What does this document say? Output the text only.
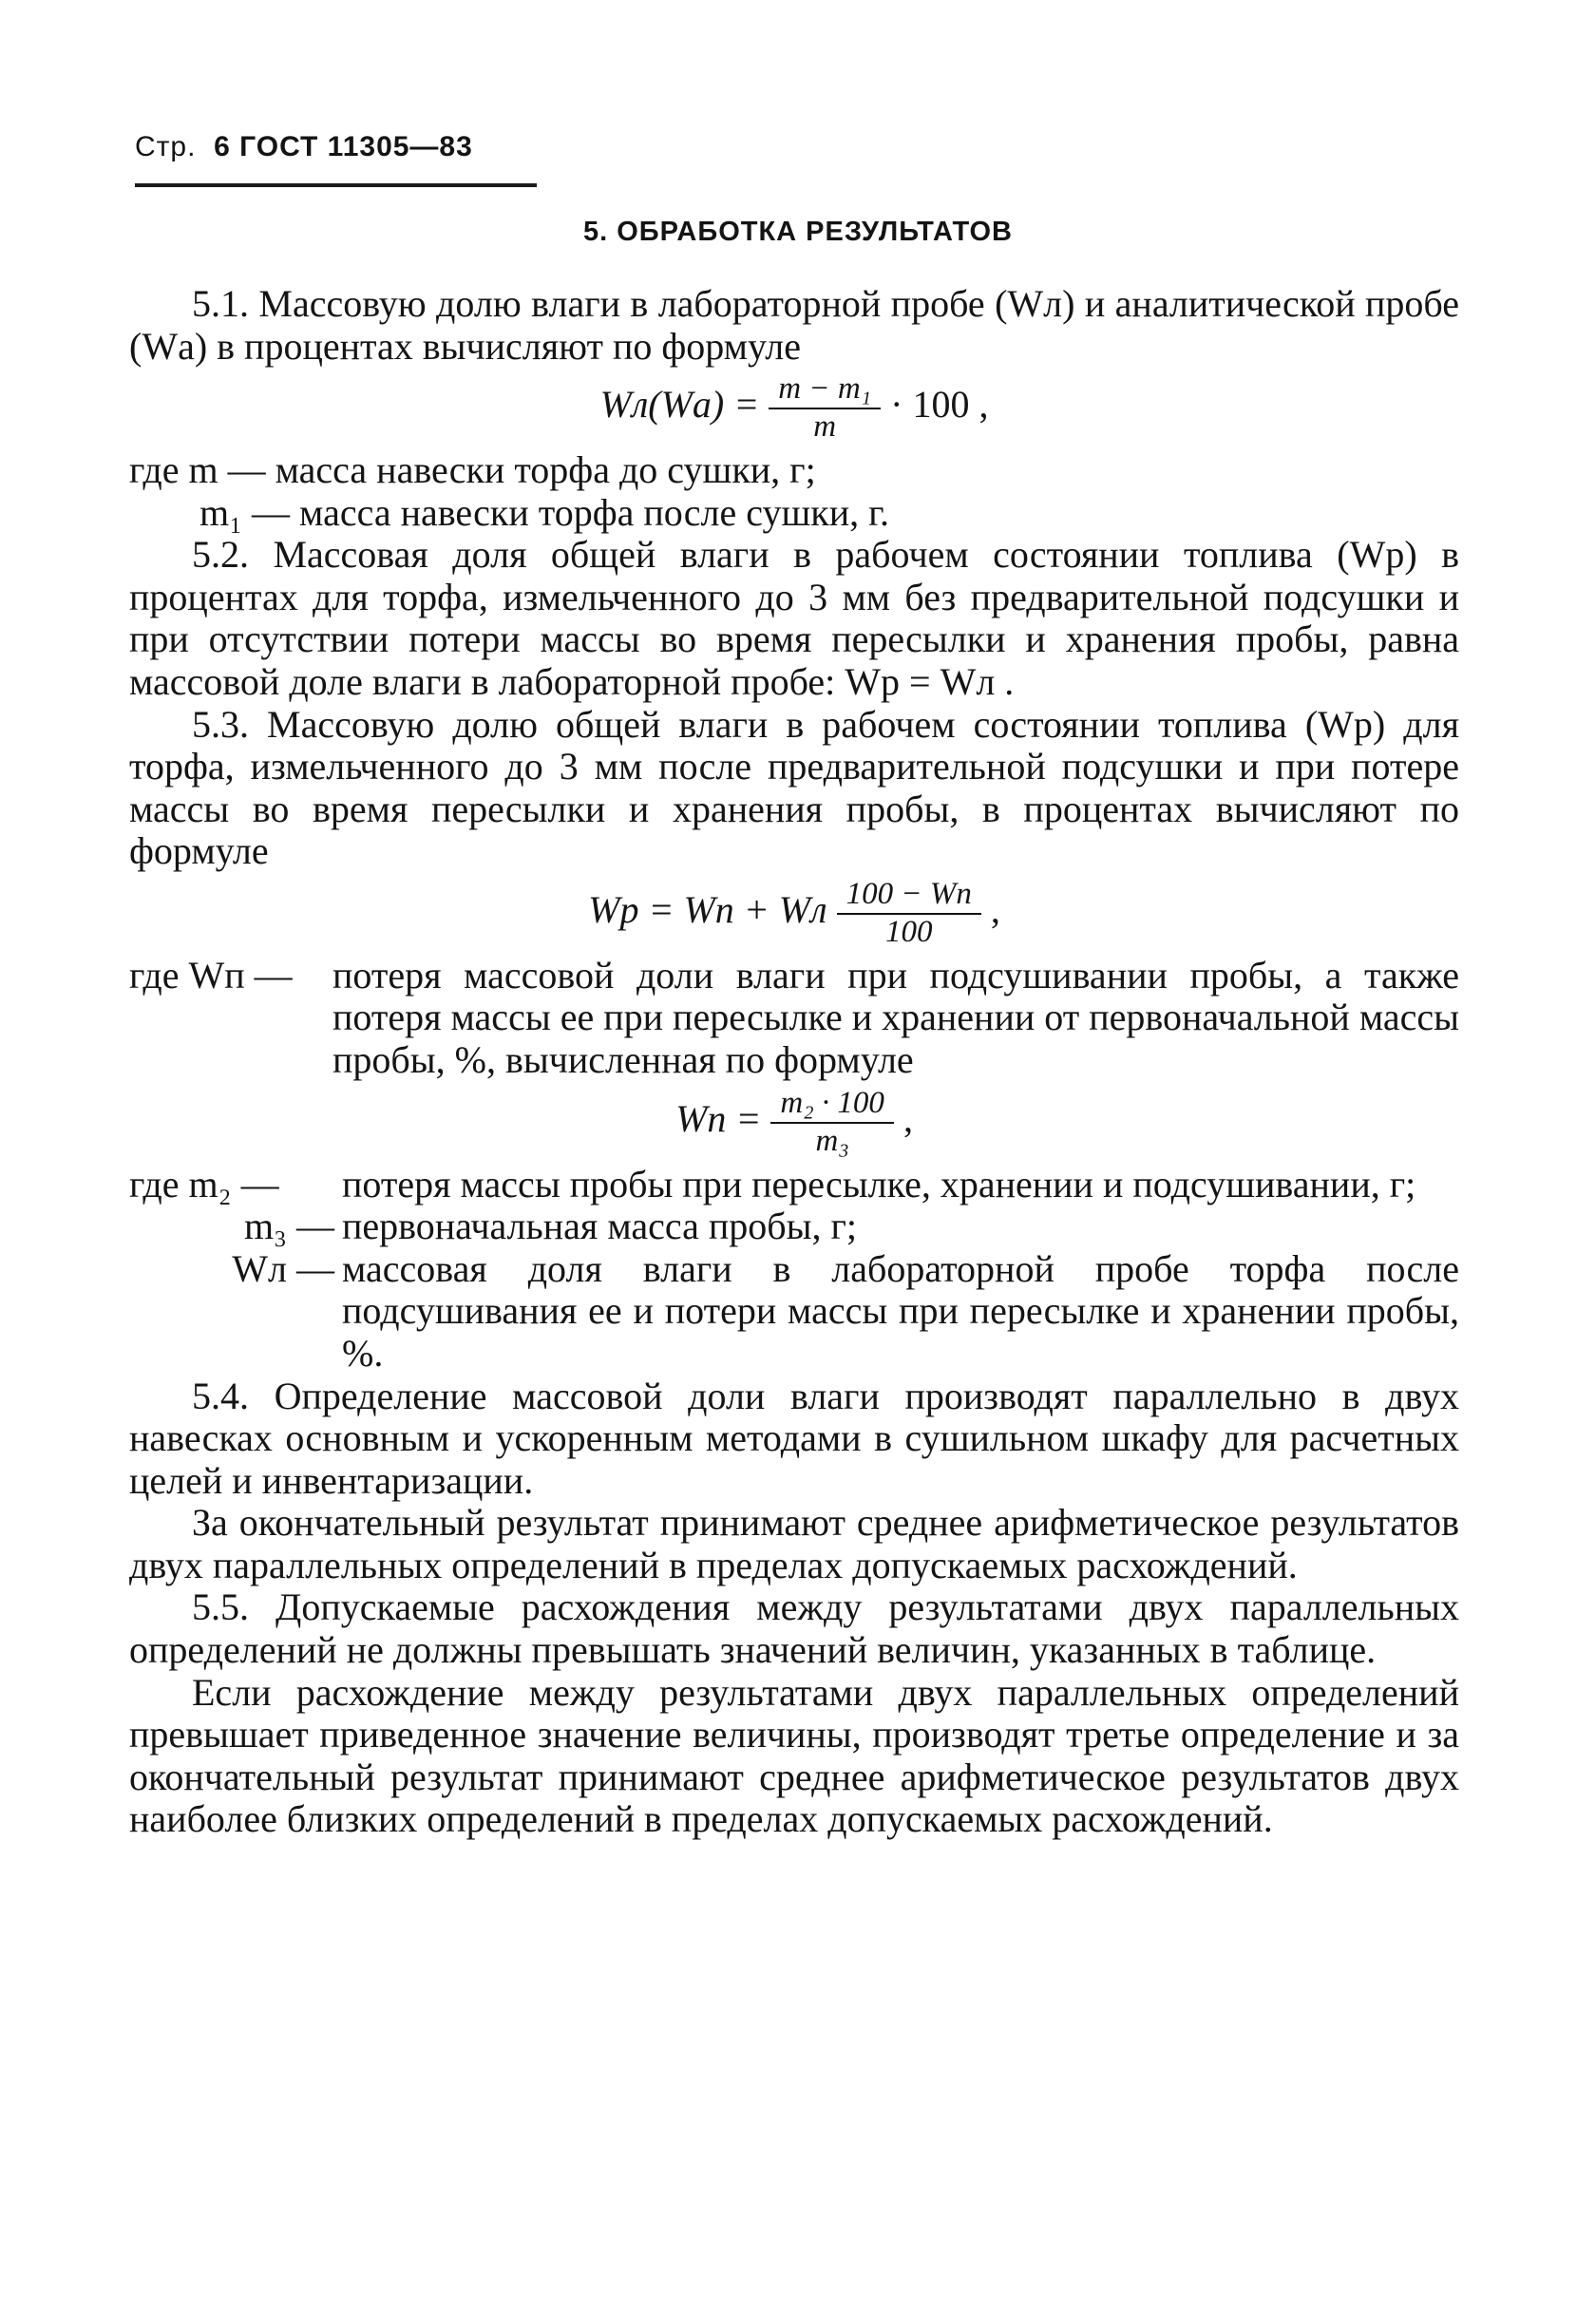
Стр. 6 ГОСТ 11305—83
5. ОБРАБОТКА РЕЗУЛЬТАТОВ

5.1. Массовую долю влаги в лабораторной пробе (Wл) и аналитической пробе (Wа) в процентах вычисляют по формуле

$Wл(Wа) = \frac{\text{m − m₁}}{m} \cdot 100$ ,

где m — масса навески торфа до сушки, г;

m₁ — масса навески торфа после сушки, г.

5.2. Массовая доля общей влаги в рабочем состоянии топлива (Wр) в процентах для торфа, измельченного до 3 мм без предварительной подсушки и при отсутствии потери массы во время пересылки и хранения пробы, равна массовой доле влаги в лабораторной пробе: Wр = Wл .

5.3. Массовую долю общей влаги в рабочем состоянии топлива (Wр) для торфа, измельченного до 3 мм после предварительной подсушки и при потере массы во время пересылки и хранения пробы, в процентах вычисляют по формуле

Wр = Wп + Wл $\frac{100 - Wп}{100}$ ,
где Wп —	потеря массовой доли влаги при подсушивании пробы, а также потеря массы ее при пересылке и хранении от первоначальной массы пробы, %, вычисленная по формуле
Wп = $\frac{\text{m₂ · 100}}{\text{m₃}}$ ,
где m₂ —	потеря массы пробы при пересылке, хранении и подсушивании, г;
m₃ — первоначальная масса пробы, г;
Wл — массовая доля влаги в лабораторной пробе торфа после подсушивания ее и потери массы при пересылке и хранении пробы, %.

5.4. Определение массовой доли влаги производят параллельно в двух навесках основным и ускоренным методами в сушильном шкафу для расчетных целей и инвентаризации.

За окончательный результат принимают среднее арифметическое результатов двух параллельных определений в пределах допускаемых расхождений.

5.5. Допускаемые расхождения между результатами двух параллельных определений не должны превышать значений величин, указанных в таблице.

Если расхождение между результатами двух параллельных определений превышает приведенное значение величины, производят третье определение и за окончательный результат принимают среднее арифметическое результатов двух наиболее близких определений в пределах допускаемых расхождений.
